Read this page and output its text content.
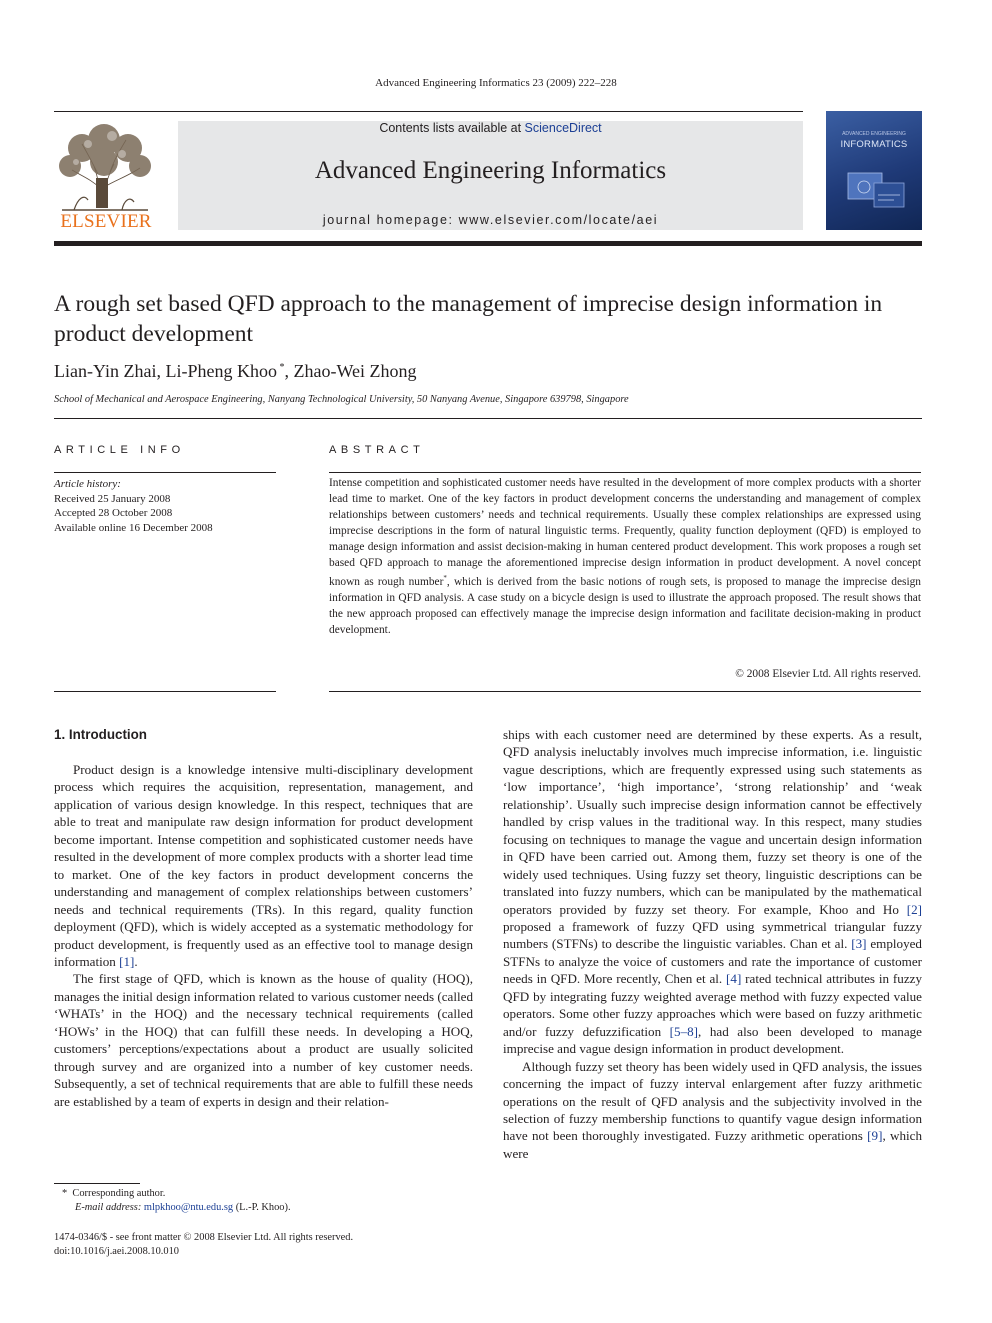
Advanced Engineering Informatics 23 (2009) 222–228
ELSEVIER
Contents lists available at ScienceDirect
Advanced Engineering Informatics
journal homepage: www.elsevier.com/locate/aei
ADVANCED ENGINEERING
INFORMATICS
A rough set based QFD approach to the management of imprecise design information in product development
Lian-Yin Zhai, Li-Pheng Khoo *, Zhao-Wei Zhong
School of Mechanical and Aerospace Engineering, Nanyang Technological University, 50 Nanyang Avenue, Singapore 639798, Singapore
ARTICLE INFO
Article history:
Received 25 January 2008
Accepted 28 October 2008
Available online 16 December 2008
ABSTRACT
Intense competition and sophisticated customer needs have resulted in the development of more complex products with a shorter lead time to market. One of the key factors in product development concerns the understanding and management of complex relationships between customers’ needs and technical requirements. Usually these complex relationships are expressed using imprecise descriptions in the form of natural linguistic terms. Frequently, quality function deployment (QFD) is employed to manage design information and assist decision-making in human centered product development. This work proposes a rough set based QFD approach to manage the aforementioned imprecise design information in product development. A novel concept known as rough number*, which is derived from the basic notions of rough sets, is proposed to manage the imprecise design information in QFD analysis. A case study on a bicycle design is used to illustrate the approach proposed. The result shows that the new approach proposed can effectively manage the imprecise design information and facilitate decision-making in product development.
© 2008 Elsevier Ltd. All rights reserved.
1. Introduction

Product design is a knowledge intensive multi-disciplinary development process which requires the acquisition, representation, management, and application of various design knowledge. In this respect, techniques that are able to treat and manipulate raw design information for product development become important. Intense competition and sophisticated customer needs have resulted in the development of more complex products with a shorter lead time to market. One of the key factors in product development concerns the understanding and management of complex relationships between customers’ needs and technical requirements (TRs). In this regard, quality function deployment (QFD), which is widely accepted as a systematic methodology for product development, is frequently used as an effective tool to manage design information [1].

The first stage of QFD, which is known as the house of quality (HOQ), manages the initial design information related to various customer needs (called ‘WHATs’ in the HOQ) and the necessary technical requirements (called ‘HOWs’ in the HOQ) that can fulfill these needs. In developing a HOQ, customers’ perceptions/expectations about a product are usually solicited through survey and are organized into a number of key customer needs. Subsequently, a set of technical requirements that are able to fulfill these needs are established by a team of experts in design and their relation-

ships with each customer need are determined by these experts. As a result, QFD analysis ineluctably involves much imprecise information, i.e. linguistic vague descriptions, which are frequently expressed using such statements as ‘low importance’, ‘high importance’, ‘strong relationship’ and ‘weak relationship’. Usually such imprecise design information cannot be effectively handled by crisp values in the traditional way. In this respect, many studies focusing on techniques to manage the vague and uncertain design information in QFD have been carried out. Among them, fuzzy set theory is one of the widely used techniques. Using fuzzy set theory, linguistic descriptions can be translated into fuzzy numbers, which can be manipulated by the mathematical operators provided by fuzzy set theory. For example, Khoo and Ho [2] proposed a framework of fuzzy QFD using symmetrical triangular fuzzy numbers (STFNs) to describe the linguistic variables. Chan et al. [3] employed STFNs to analyze the voice of customers and rate the importance of customer needs in QFD. More recently, Chen et al. [4] rated technical attributes in fuzzy QFD by integrating fuzzy weighted average method with fuzzy expected value operators. Some other fuzzy approaches which were based on fuzzy arithmetic and/or fuzzy defuzzification [5–8], had also been developed to manage imprecise and vague design information in product development.

Although fuzzy set theory has been widely used in QFD analysis, the issues concerning the impact of fuzzy interval enlargement after fuzzy arithmetic operations on the result of QFD analysis and the subjectivity involved in the selection of fuzzy membership functions to quantify vague design information have not been thoroughly investigated. Fuzzy arithmetic operations [9], which were

* Corresponding author.
E-mail address: mlpkhoo@ntu.edu.sg (L.-P. Khoo).
1474-0346/$ - see front matter © 2008 Elsevier Ltd. All rights reserved.
doi:10.1016/j.aei.2008.10.010
